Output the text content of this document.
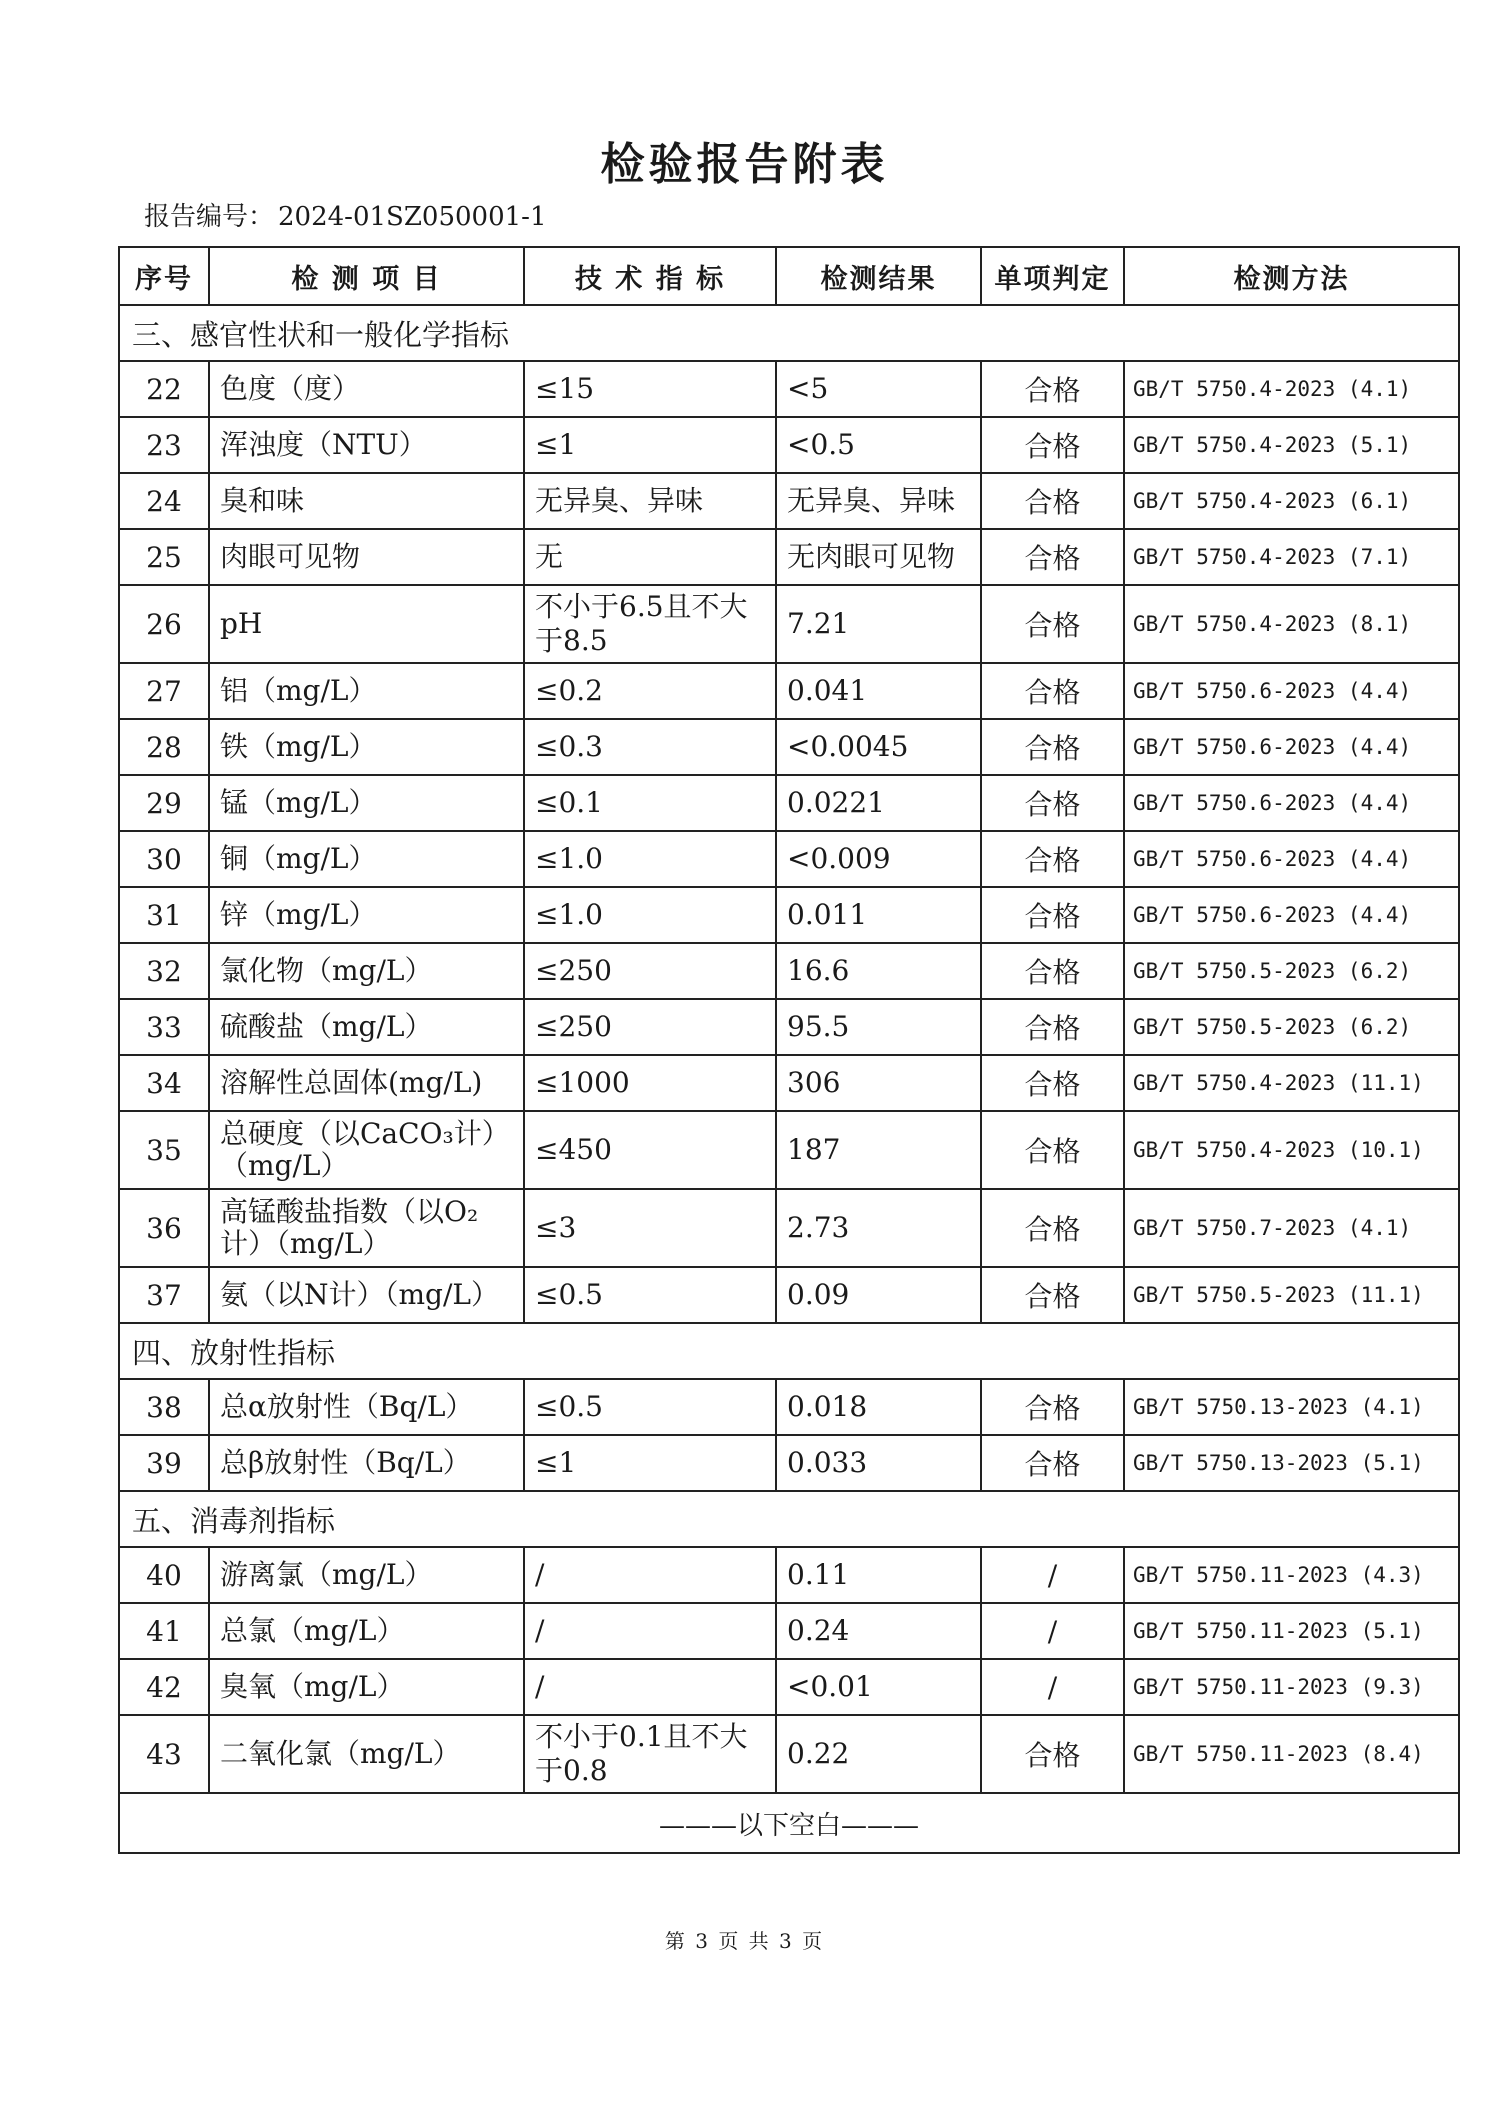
检验报告附表
报告编号： 2024-01SZ050001-1
序号	检 测 项 目	技 术 指 标	检测结果	单项判定	检测方法
三、感官性状和一般化学指标					
22	色度（度）	≤15	<5	合格	GB/T 5750.4-2023 (4.1)
23	浑浊度（NTU）	≤1	<0.5	合格	GB/T 5750.4-2023 (5.1)
24	臭和味	无异臭、异味	无异臭、异味	合格	GB/T 5750.4-2023 (6.1)
25	肉眼可见物	无	无肉眼可见物	合格	GB/T 5750.4-2023 (7.1)
26	pH	不小于6.5且不大于8.5	7.21	合格	GB/T 5750.4-2023 (8.1)
27	铝（mg/L）	≤0.2	0.041	合格	GB/T 5750.6-2023 (4.4)
28	铁（mg/L）	≤0.3	<0.0045	合格	GB/T 5750.6-2023 (4.4)
29	锰（mg/L）	≤0.1	0.0221	合格	GB/T 5750.6-2023 (4.4)
30	铜（mg/L）	≤1.0	<0.009	合格	GB/T 5750.6-2023 (4.4)
31	锌（mg/L）	≤1.0	0.011	合格	GB/T 5750.6-2023 (4.4)
32	氯化物（mg/L）	≤250	16.6	合格	GB/T 5750.5-2023 (6.2)
33	硫酸盐（mg/L）	≤250	95.5	合格	GB/T 5750.5-2023 (6.2)
34	溶解性总固体(mg/L)	≤1000	306	合格	GB/T 5750.4-2023 (11.1)
35	总硬度（以CaCO₃计）（mg/L）	≤450	187	合格	GB/T 5750.4-2023 (10.1)
36	高锰酸盐指数（以O₂计）（mg/L）	≤3	2.73	合格	GB/T 5750.7-2023 (4.1)
37	氨（以N计）（mg/L）	≤0.5	0.09	合格	GB/T 5750.5-2023 (11.1)
四、放射性指标					
38	总α放射性（Bq/L）	≤0.5	0.018	合格	GB/T 5750.13-2023 (4.1)
39	总β放射性（Bq/L）	≤1	0.033	合格	GB/T 5750.13-2023 (5.1)
五、消毒剂指标					
40	游离氯（mg/L）	/	0.11	/	GB/T 5750.11-2023 (4.3)
41	总氯（mg/L）	/	0.24	/	GB/T 5750.11-2023 (5.1)
42	臭氧（mg/L）	/	<0.01	/	GB/T 5750.11-2023 (9.3)
43	二氧化氯（mg/L）	不小于0.1且不大于0.8	0.22	合格	GB/T 5750.11-2023 (8.4)
———以下空白———					
第 3 页 共 3 页
